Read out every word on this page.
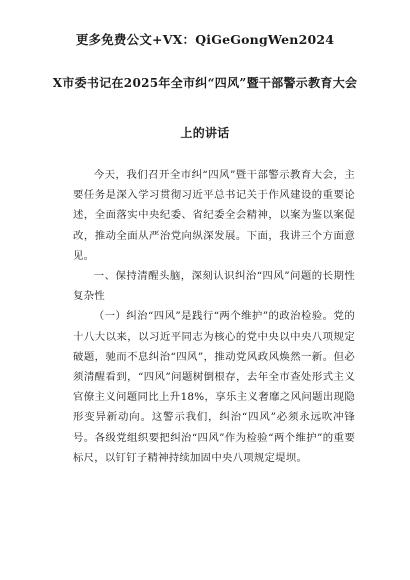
更多免费公文+VX：QiGeGongWen2024
X市委书记在2025年全市纠“四风”暨干部警示教育大会
上的讲话

今天，我们召开全市纠“四风”暨干部警示教育大会，主要任务是深入学习贯彻习近平总书记关于作风建设的重要论述，全面落实中央纪委、省纪委全会精神，以案为鉴以案促改，推动全面从严治党向纵深发展。下面，我讲三个方面意见。

一、保持清醒头脑，深刻认识纠治“四风”问题的长期性复杂性

（一）纠治“四风”是践行“两个维护”的政治检验。党的十八大以来，以习近平同志为核心的党中央以中央八项规定破题，驰而不息纠治“四风”，推动党风政风焕然一新。但必须清醒看到，“四风”问题树倒根存，去年全市查处形式主义官僚主义问题同比上升18%，享乐主义奢靡之风问题出现隐形变异新动向。这警示我们，纠治“四风”必须永远吹冲锋号。各级党组织要把纠治“四风”作为检验“两个维护”的重要标尺，以钉钉子精神持续加固中央八项规定堤坝。
